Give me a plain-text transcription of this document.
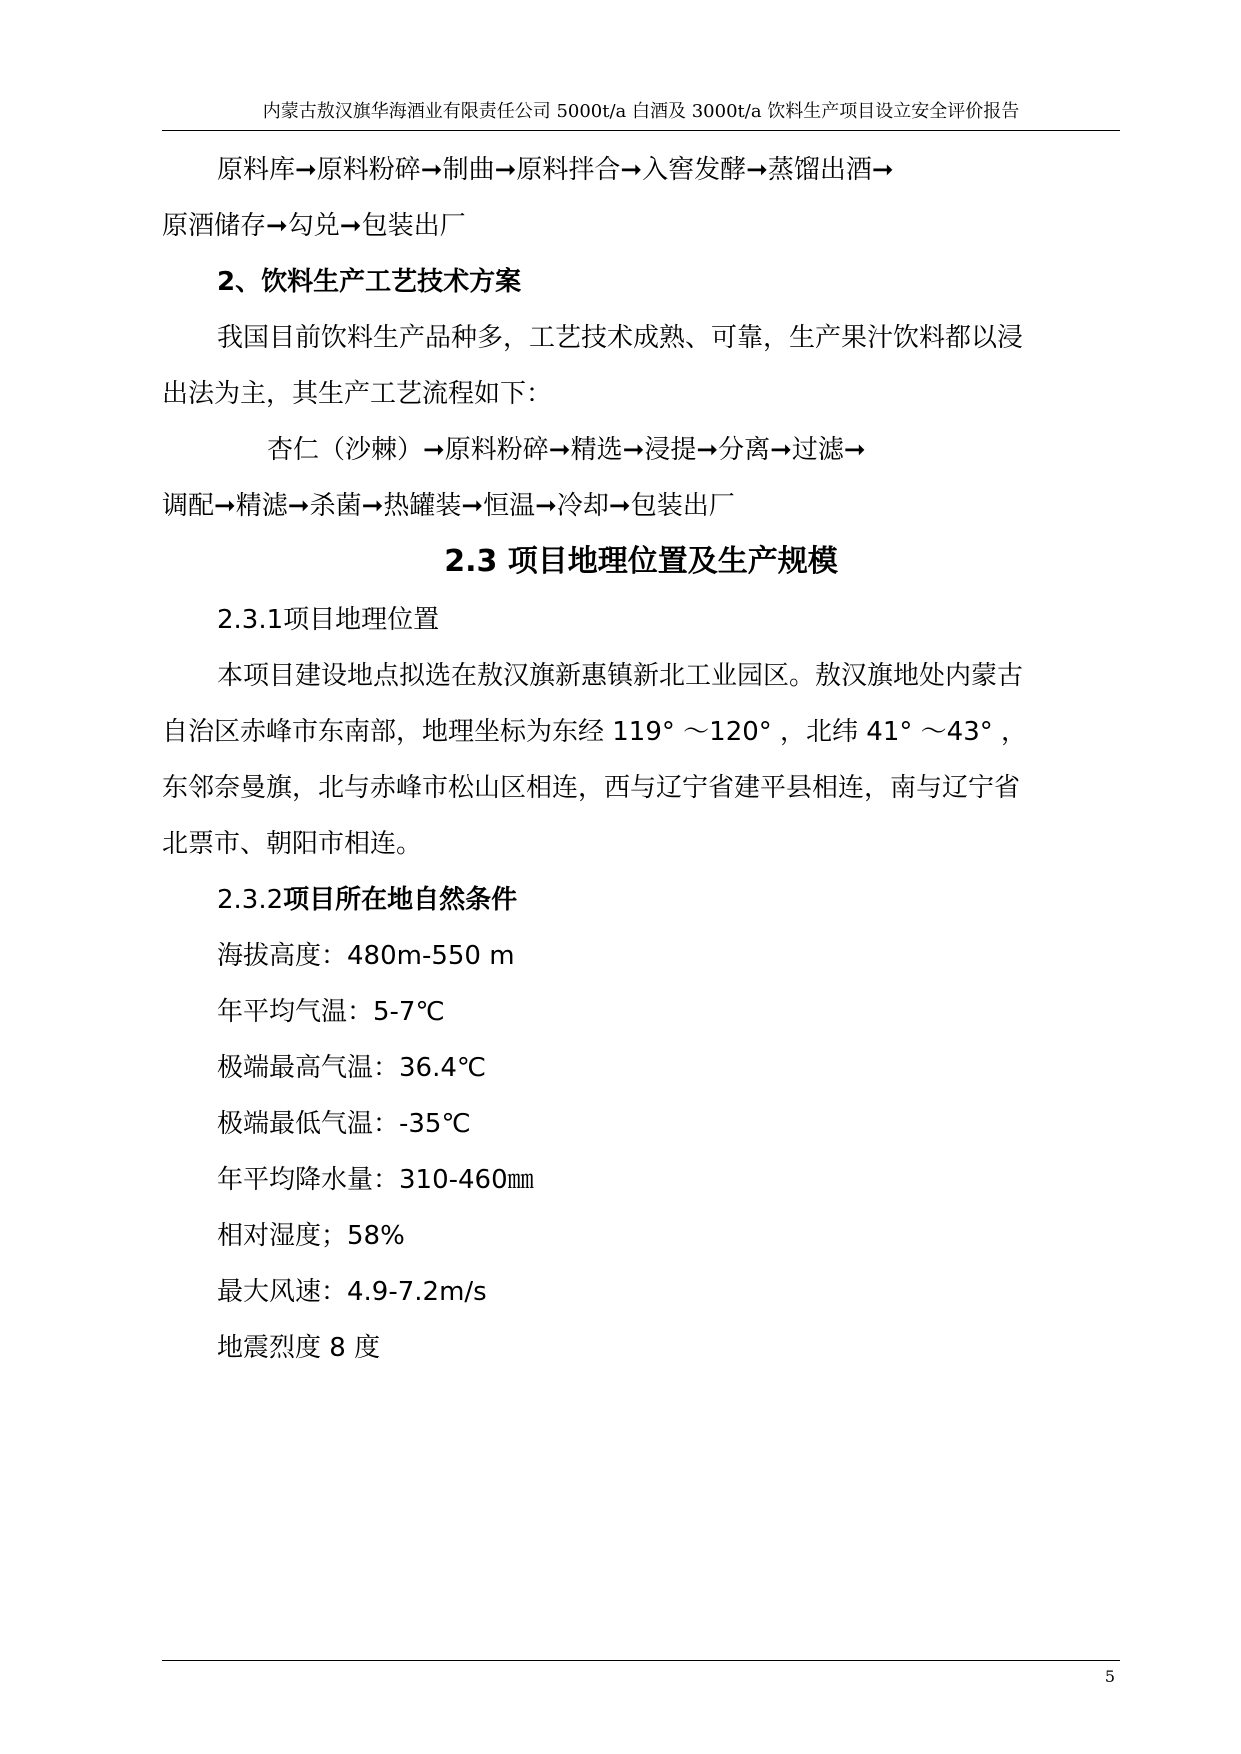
内蒙古敖汉旗华海酒业有限责任公司 5000t/a 白酒及 3000t/a 饮料生产项目设立安全评价报告
原料库➞原料粉碎➞制曲➞原料拌合➞入窖发酵➞蒸馏出酒➞
原酒储存➞勾兑➞包装出厂
2、饮料生产工艺技术方案
我国目前饮料生产品种多，工艺技术成熟、可靠，生产果汁饮料都以浸
出法为主，其生产工艺流程如下：
杏仁（沙棘）➞原料粉碎➞精选➞浸提➞分离➞过滤➞
调配➞精滤➞杀菌➞热罐装➞恒温➞冷却➞包装出厂
2.3 项目地理位置及生产规模
2.3.1项目地理位置
本项目建设地点拟选在敖汉旗新惠镇新北工业园区。敖汉旗地处内蒙古
自治区赤峰市东南部，地理坐标为东经 119° ～120° ，北纬 41° ～43° ，
东邻奈曼旗，北与赤峰市松山区相连，西与辽宁省建平县相连，南与辽宁省
北票市、朝阳市相连。
2.3.2项目所在地自然条件
海拔高度：480m-550 m
年平均气温：5-7℃
极端最高气温：36.4℃
极端最低气温：-35℃
年平均降水量：310-460㎜
相对湿度；58%
最大风速：4.9-7.2m/s
地震烈度 8 度
5
